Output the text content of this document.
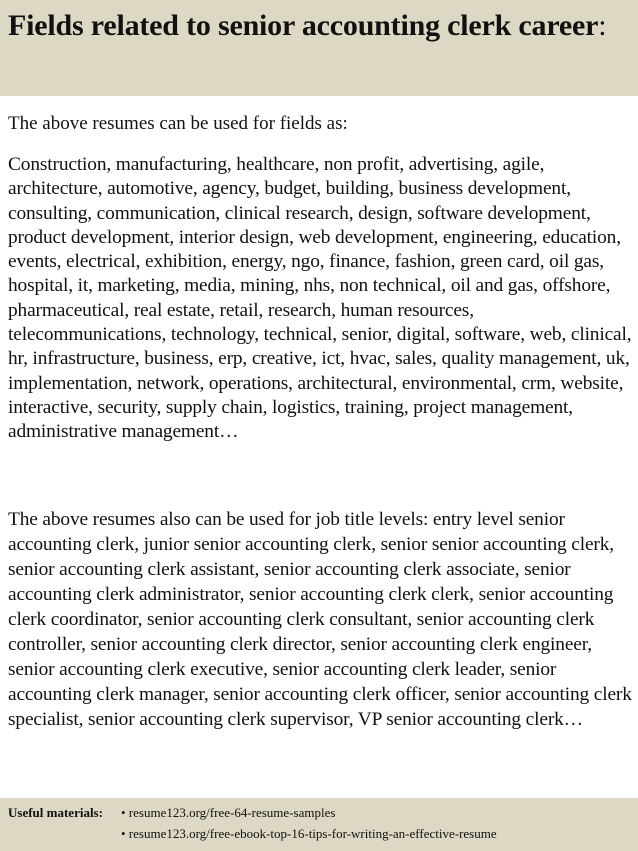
Fields related to senior accounting clerk career:

The above resumes can be used for fields as:

Construction, manufacturing, healthcare, non profit, advertising, agile, architecture, automotive, agency, budget, building, business development, consulting, communication, clinical research, design, software development, product development, interior design, web development, engineering, education, events, electrical, exhibition, energy, ngo, finance, fashion, green card, oil gas, hospital, it, marketing, media, mining, nhs, non technical, oil and gas, offshore, pharmaceutical, real estate, retail, research, human resources, telecommunications, technology, technical, senior, digital, software, web, clinical, hr, infrastructure, business, erp, creative, ict, hvac, sales, quality management, uk, implementation, network, operations, architectural, environmental, crm, website, interactive, security, supply chain, logistics, training, project management, administrative management…

The above resumes also can be used for job title levels: entry level senior accounting clerk, junior senior accounting clerk, senior senior accounting clerk, senior accounting clerk assistant, senior accounting clerk associate, senior accounting clerk administrator, senior accounting clerk clerk, senior accounting clerk coordinator, senior accounting clerk consultant, senior accounting clerk controller, senior accounting clerk director, senior accounting clerk engineer, senior accounting clerk executive, senior accounting clerk leader, senior accounting clerk manager, senior accounting clerk officer, senior accounting clerk specialist, senior accounting clerk supervisor, VP senior accounting clerk…

Useful materials: • resume123.org/free-64-resume-samples
• resume123.org/free-ebook-top-16-tips-for-writing-an-effective-resume
